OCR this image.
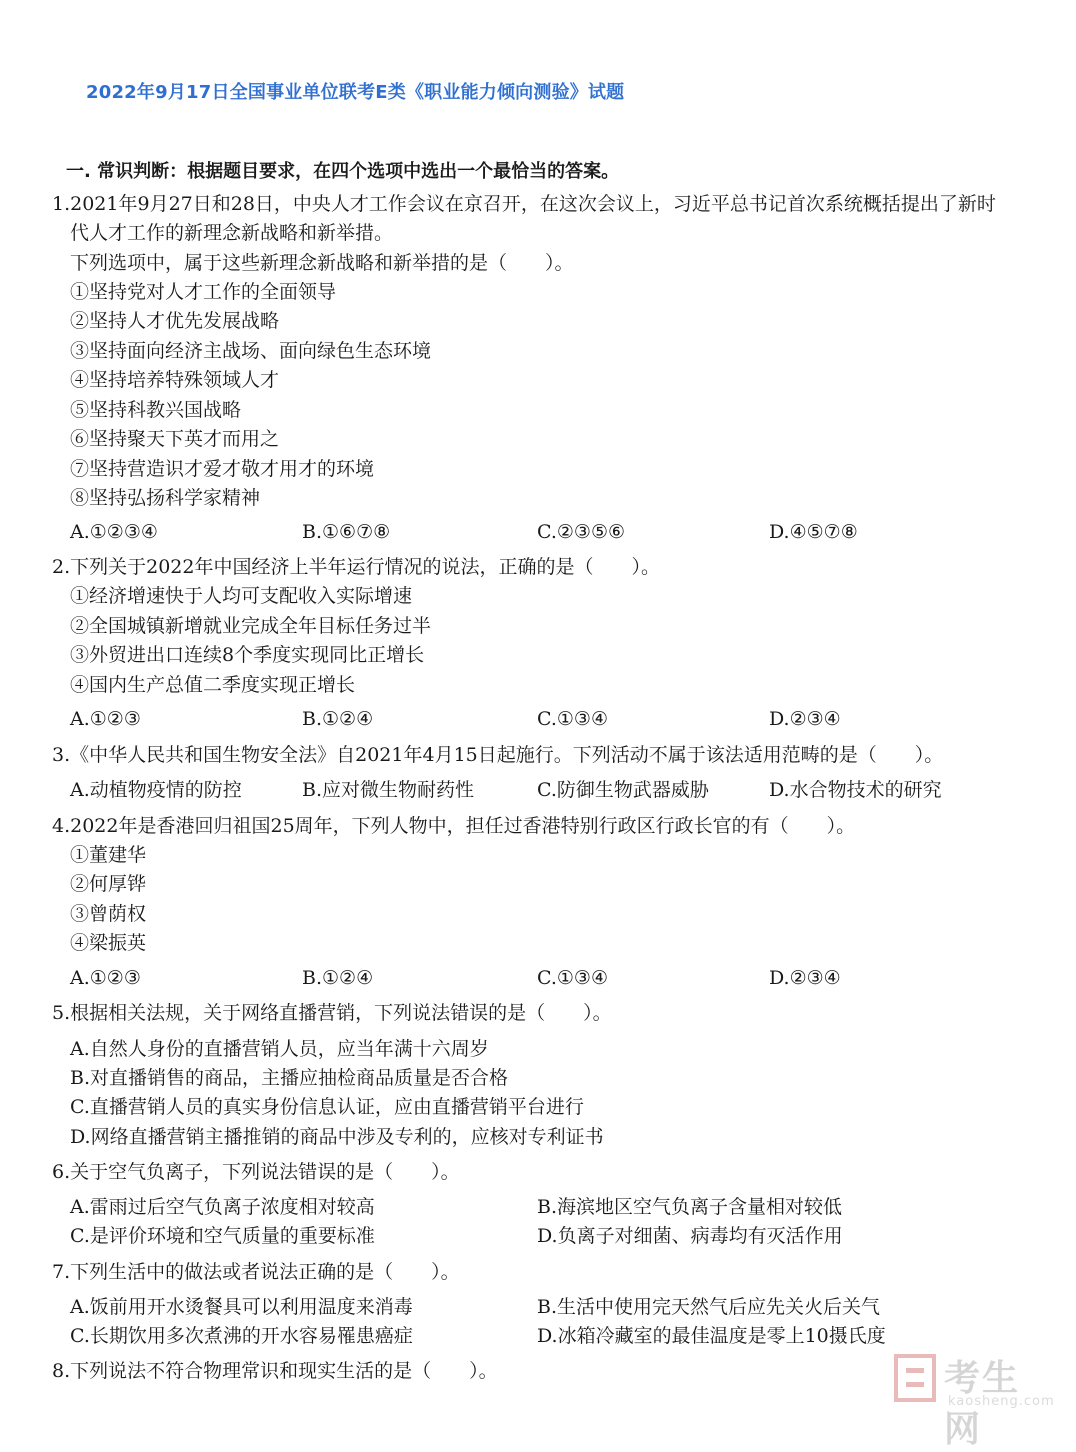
2022年9月17日全国事业单位联考E类《职业能力倾向测验》试题
一. 常识判断：根据题目要求，在四个选项中选出一个最恰当的答案。
1.2021年9月27日和28日，中央人才工作会议在京召开，在这次会议上，习近平总书记首次系统概括提出了新时
代人才工作的新理念新战略和新举措。
下列选项中，属于这些新理念新战略和新举措的是（　　）。
①坚持党对人才工作的全面领导
②坚持人才优先发展战略
③坚持面向经济主战场、面向绿色生态环境
④坚持培养特殊领域人才
⑤坚持科教兴国战略
⑥坚持聚天下英才而用之
⑦坚持营造识才爱才敬才用才的环境
⑧坚持弘扬科学家精神
A.①②③④	B.①⑥⑦⑧	C.②③⑤⑥	D.④⑤⑦⑧
2.下列关于2022年中国经济上半年运行情况的说法，正确的是（　　）。
①经济增速快于人均可支配收入实际增速
②全国城镇新增就业完成全年目标任务过半
③外贸进出口连续8个季度实现同比正增长
④国内生产总值二季度实现正增长
A.①②③	B.①②④	C.①③④	D.②③④
3.《中华人民共和国生物安全法》自2021年4月15日起施行。下列活动不属于该法适用范畴的是（　　）。
A.动植物疫情的防控	B.应对微生物耐药性	C.防御生物武器威胁	D.水合物技术的研究
4.2022年是香港回归祖国25周年，下列人物中，担任过香港特别行政区行政长官的有（　　）。
①董建华
②何厚铧
③曾荫权
④梁振英
A.①②③	B.①②④	C.①③④	D.②③④
5.根据相关法规，关于网络直播营销，下列说法错误的是（　　）。
A.自然人身份的直播营销人员，应当年满十六周岁
B.对直播销售的商品，主播应抽检商品质量是否合格
C.直播营销人员的真实身份信息认证，应由直播营销平台进行
D.网络直播营销主播推销的商品中涉及专利的，应核对专利证书
6.关于空气负离子，下列说法错误的是（　　）。
A.雷雨过后空气负离子浓度相对较高	B.海滨地区空气负离子含量相对较低
C.是评价环境和空气质量的重要标准	D.负离子对细菌、病毒均有灭活作用
7.下列生活中的做法或者说法正确的是（　　）。
A.饭前用开水烫餐具可以利用温度来消毒	B.生活中使用完天然气后应先关火后关气
C.长期饮用多次煮沸的开水容易罹患癌症	D.冰箱冷藏室的最佳温度是零上10摄氏度
8.下列说法不符合物理常识和现实生活的是（　　）。	考生网
kaosheng.com
